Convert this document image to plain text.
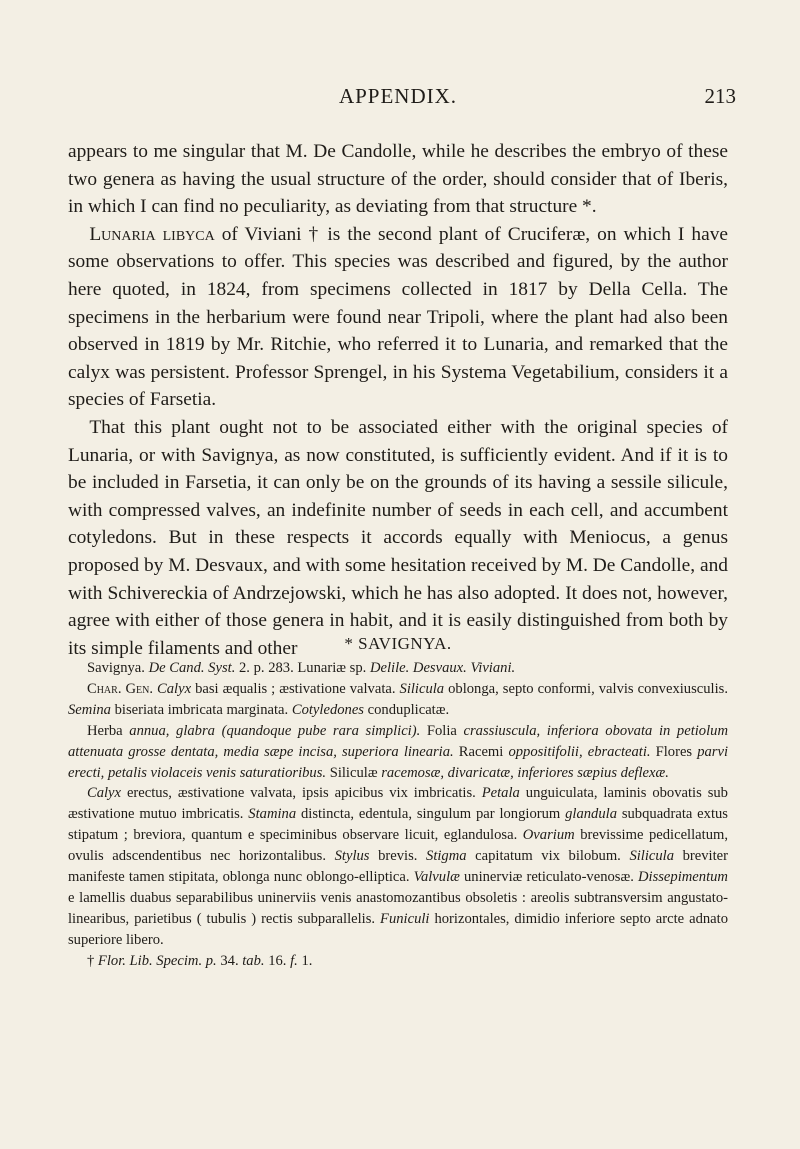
APPENDIX.	213

appears to me singular that M. De Candolle, while he describes the embryo of these two genera as having the usual structure of the order, should consider that of Iberis, in which I can find no peculiarity, as deviating from that structure *.

Lunaria libyca of Viviani † is the second plant of Cruciferæ, on which I have some observations to offer. This species was described and figured, by the author here quoted, in 1824, from specimens collected in 1817 by Della Cella. The specimens in the herbarium were found near Tripoli, where the plant had also been observed in 1819 by Mr. Ritchie, who referred it to Lunaria, and remarked that the calyx was persistent. Professor Sprengel, in his Systema Vegetabilium, considers it a species of Farsetia.

That this plant ought not to be associated either with the original species of Lunaria, or with Savignya, as now constituted, is sufficiently evident. And if it is to be included in Farsetia, it can only be on the grounds of its having a sessile silicule, with compressed valves, an indefinite number of seeds in each cell, and accumbent cotyledons. But in these respects it accords equally with Meniocus, a genus proposed by M. Desvaux, and with some hesitation received by M. De Candolle, and with Schivereckia of Andrzejowski, which he has also adopted. It does not, however, agree with either of those genera in habit, and it is easily distinguished from both by its simple filaments and other	* SAVIGNYA.

Savignya. De Cand. Syst. 2. p. 283. Lunariæ sp. Delile. Desvaux. Viviani.

Char. Gen. Calyx basi æqualis ; æstivatione valvata. Silicula oblonga, septo conformi, valvis convexiusculis. Semina biseriata imbricata marginata. Cotyledones conduplicatæ.

Herba annua, glabra (quandoque pube rara simplici). Folia crassiuscula, inferiora obovata in petiolum attenuata grosse dentata, media sæpe incisa, superiora linearia. Racemi oppositifolii, ebracteati. Flores parvi erecti, petalis violaceis venis saturatioribus. Siliculæ racemosæ, divaricatæ, inferiores sæpius deflexæ.

Calyx erectus, æstivatione valvata, ipsis apicibus vix imbricatis. Petala unguiculata, laminis obovatis sub æstivatione mutuo imbricatis. Stamina distincta, edentula, singulum par longiorum glandula subquadrata extus stipatum ; breviora, quantum e speciminibus observare licuit, eglandulosa. Ovarium brevissime pedicellatum, ovulis adscendentibus nec horizontalibus. Stylus brevis. Stigma capitatum vix bilobum. Silicula breviter manifeste tamen stipitata, oblonga nunc oblongo-elliptica. Valvulæ uninerviæ reticulato-venosæ. Dissepimentum e lamellis duabus separabilibus uninerviis venis anastomozantibus obsoletis : areolis subtransversim angustato-linearibus, parietibus ( tubulis ) rectis subparallelis. Funiculi horizontales, dimidio inferiore septo arcte adnato superiore libero.

† Flor. Lib. Specim. p. 34. tab. 16. f. 1.
